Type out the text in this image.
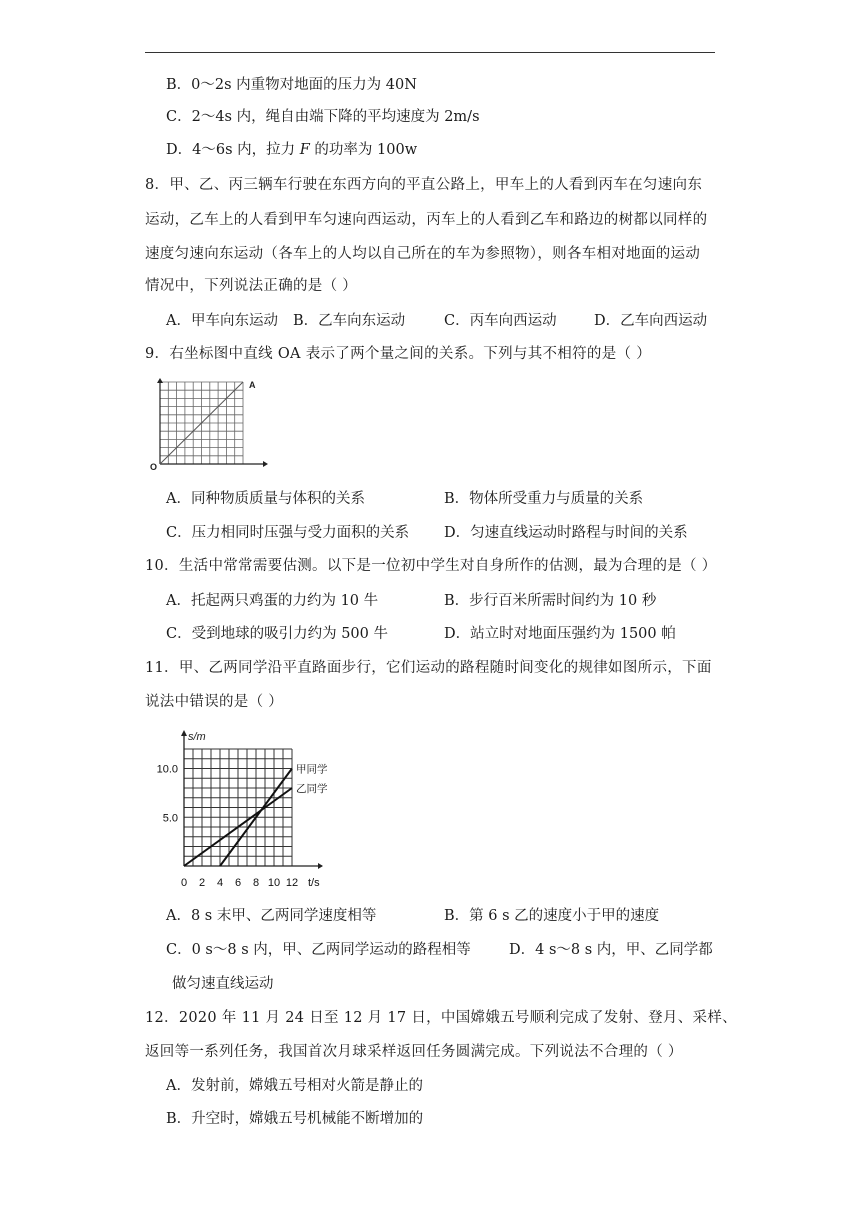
B．0～2s 内重物对地面的压力为 40N
C．2～4s 内，绳自由端下降的平均速度为 2m/s
D．4～6s 内，拉力 F 的功率为 100w
8．甲、乙、丙三辆车行驶在东西方向的平直公路上，甲车上的人看到丙车在匀速向东
运动，乙车上的人看到甲车匀速向西运动，丙车上的人看到乙车和路边的树都以同样的
速度匀速向东运动（各车上的人均以自己所在的车为参照物），则各车相对地面的运动
情况中，下列说法正确的是（ ）
A．甲车向东运动 B．乙车向东运动	C．丙车向西运动	D．乙车向西运动
9．右坐标图中直线 OA 表示了两个量之间的关系。下列与其不相符的是（ ）
O
A
A．同种物质质量与体积的关系	B．物体所受重力与质量的关系
C．压力相同时压强与受力面积的关系 D．匀速直线运动时路程与时间的关系
10．生活中常常需要估测。以下是一位初中学生对自身所作的估测，最为合理的是（ ）
A．托起两只鸡蛋的力约为 10 牛	B．步行百米所需时间约为 10 秒
C．受到地球的吸引力约为 500 牛	D．站立时对地面压强约为 1500 帕
11．甲、乙两同学沿平直路面步行，它们运动的路程随时间变化的规律如图所示，下面
说法中错误的是（ ）
甲同学
乙同学
0 2 4 6 8 10 12
5.0
10.0
t/s
s/m
A．8 s 末甲、乙两同学速度相等	B．第 6 s 乙的速度小于甲的速度
C．0 s～8 s 内，甲、乙两同学运动的路程相等	D．4 s～8 s 内，甲、乙同学都
做匀速直线运动
12．2020 年 11 月 24 日至 12 月 17 日，中国嫦娥五号顺利完成了发射、登月、采样、
返回等一系列任务，我国首次月球采样返回任务圆满完成。下列说法不合理的（ ）
A．发射前，嫦娥五号相对火箭是静止的
B．升空时，嫦娥五号机械能不断增加的
